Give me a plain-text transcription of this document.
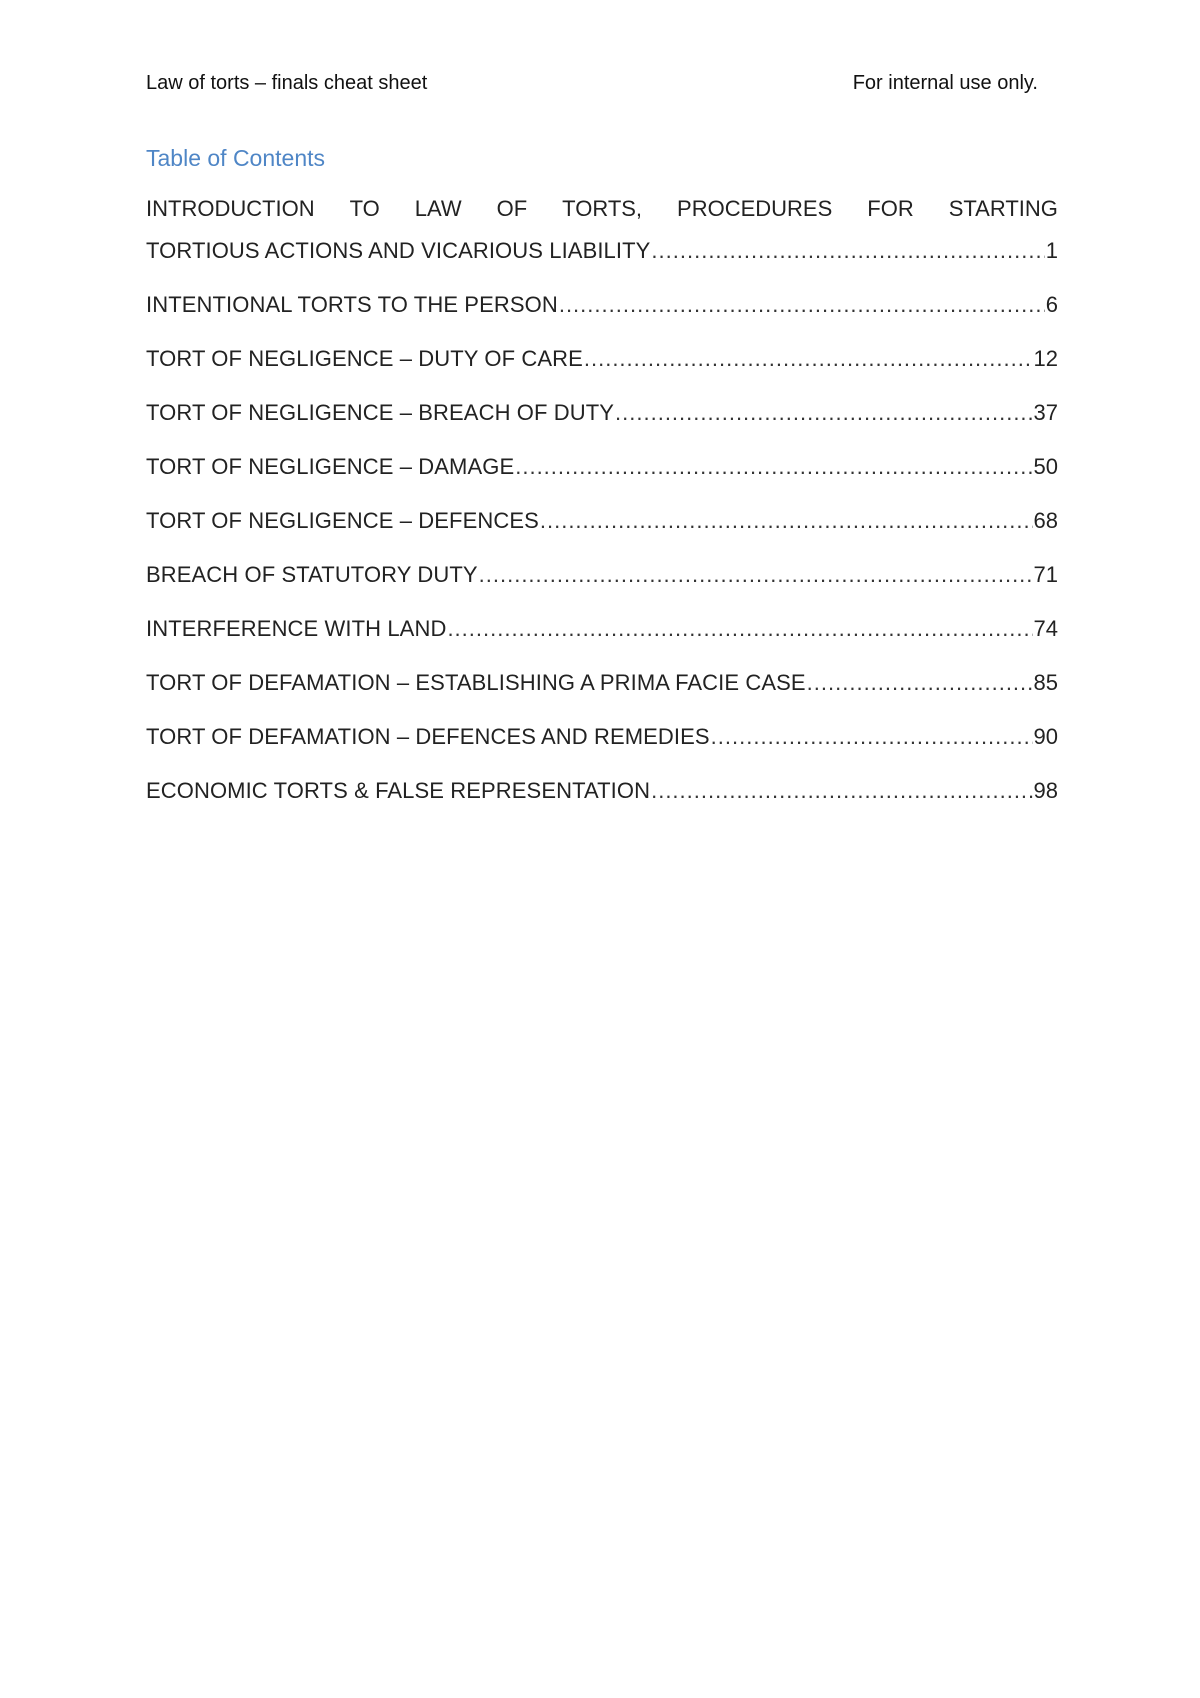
Law of torts – finals cheat sheet	For internal use only.
Table of Contents
INTRODUCTION TO LAW OF TORTS, PROCEDURES FOR STARTING
TORTIOUS ACTIONS AND VICARIOUS LIABILITY .....	1
INTENTIONAL TORTS TO THE PERSON .....	6
TORT OF NEGLIGENCE – DUTY OF CARE .....	12
TORT OF NEGLIGENCE – BREACH OF DUTY .....	37
TORT OF NEGLIGENCE – DAMAGE .....	50
TORT OF NEGLIGENCE – DEFENCES .....	68
BREACH OF STATUTORY DUTY .....	71
INTERFERENCE WITH LAND .....	74
TORT OF DEFAMATION – ESTABLISHING A PRIMA FACIE CASE .....	85
TORT OF DEFAMATION – DEFENCES AND REMEDIES .....	90
ECONOMIC TORTS & FALSE REPRESENTATION .....	98
